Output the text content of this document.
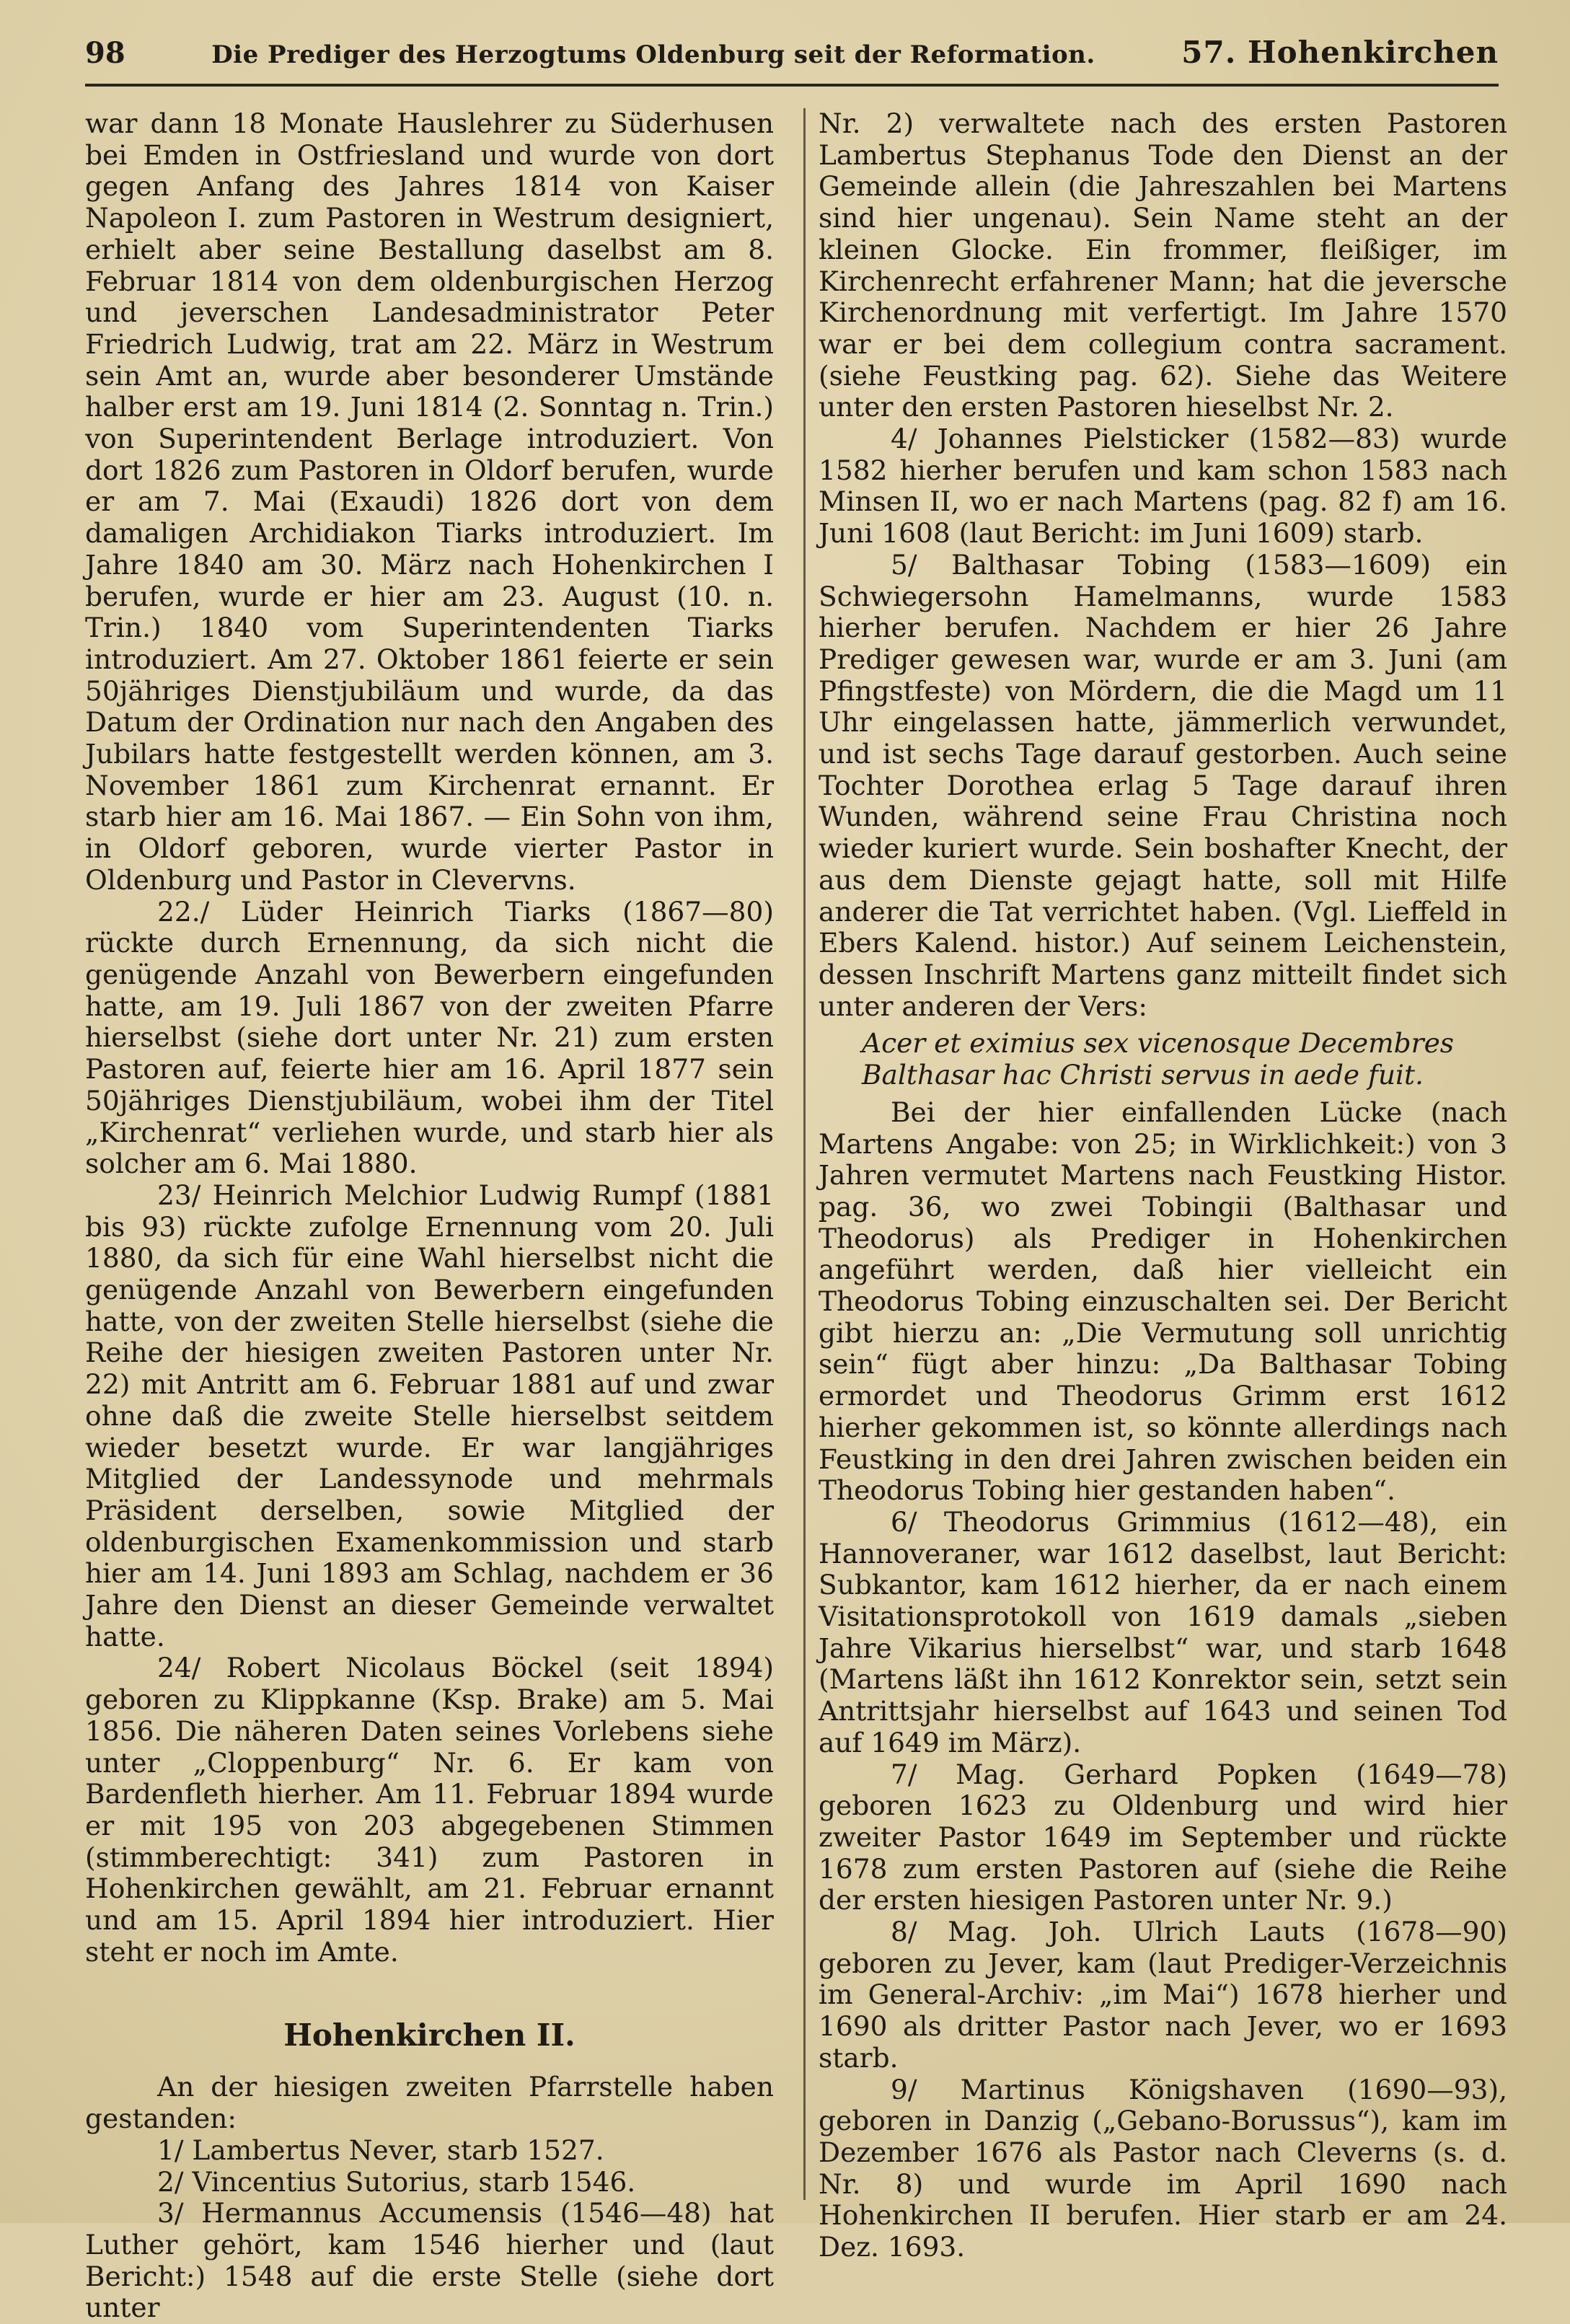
98	Die Prediger des Herzogtums Oldenburg seit der Reformation.	57. Hohenkirchen

war dann 18 Monate Hauslehrer zu Süderhusen bei Emden in Ostfriesland und wurde von dort gegen Anfang des Jahres 1814 von Kaiser Napoleon I. zum Pastoren in Westrum designiert, erhielt aber seine Bestallung daselbst am 8. Februar 1814 von dem oldenburgischen Herzog und jeverschen Landesadministrator Peter Friedrich Ludwig, trat am 22. März in Westrum sein Amt an, wurde aber besonderer Umstände halber erst am 19. Juni 1814 (2. Sonntag n. Trin.) von Superintendent Berlage introduziert. Von dort 1826 zum Pastoren in Oldorf berufen, wurde er am 7. Mai (Exaudi) 1826 dort von dem damaligen Archidiakon Tiarks introduziert. Im Jahre 1840 am 30. März nach Hohenkirchen I berufen, wurde er hier am 23. August (10. n. Trin.) 1840 vom Superintendenten Tiarks introduziert. Am 27. Oktober 1861 feierte er sein 50jähriges Dienstjubiläum und wurde, da das Datum der Ordination nur nach den Angaben des Jubilars hatte festgestellt werden können, am 3. November 1861 zum Kirchenrat ernannt. Er starb hier am 16. Mai 1867. — Ein Sohn von ihm, in Oldorf geboren, wurde vierter Pastor in Oldenburg und Pastor in Clevervns.

22./ Lüder Heinrich Tiarks (1867—80) rückte durch Ernennung, da sich nicht die genügende Anzahl von Bewerbern eingefunden hatte, am 19. Juli 1867 von der zweiten Pfarre hierselbst (siehe dort unter Nr. 21) zum ersten Pastoren auf, feierte hier am 16. April 1877 sein 50jähriges Dienstjubiläum, wobei ihm der Titel „Kirchenrat“ verliehen wurde, und starb hier als solcher am 6. Mai 1880.

23/ Heinrich Melchior Ludwig Rumpf (1881 bis 93) rückte zufolge Ernennung vom 20. Juli 1880, da sich für eine Wahl hierselbst nicht die genügende Anzahl von Bewerbern eingefunden hatte, von der zweiten Stelle hierselbst (siehe die Reihe der hiesigen zweiten Pastoren unter Nr. 22) mit Antritt am 6. Februar 1881 auf und zwar ohne daß die zweite Stelle hierselbst seitdem wieder besetzt wurde. Er war langjähriges Mitglied der Landessynode und mehrmals Präsident derselben, sowie Mitglied der oldenburgischen Examenkommission und starb hier am 14. Juni 1893 am Schlag, nachdem er 36 Jahre den Dienst an dieser Gemeinde verwaltet hatte.

24/ Robert Nicolaus Böckel (seit 1894) geboren zu Klippkanne (Ksp. Brake) am 5. Mai 1856. Die näheren Daten seines Vorlebens siehe unter „Cloppenburg“ Nr. 6. Er kam von Bardenfleth hierher. Am 11. Februar 1894 wurde er mit 195 von 203 abgegebenen Stimmen (stimmberechtigt: 341) zum Pastoren in Hohenkirchen gewählt, am 21. Februar ernannt und am 15. April 1894 hier introduziert. Hier steht er noch im Amte.

Hohenkirchen II.

An der hiesigen zweiten Pfarrstelle haben gestanden:

1/ Lambertus Never, starb 1527.

2/ Vincentius Sutorius, starb 1546.

3/ Hermannus Accumensis (1546—48) hat Luther gehört, kam 1546 hierher und (laut Bericht:) 1548 auf die erste Stelle (siehe dort unter

Nr. 2) verwaltete nach des ersten Pastoren Lambertus Stephanus Tode den Dienst an der Gemeinde allein (die Jahreszahlen bei Martens sind hier ungenau). Sein Name steht an der kleinen Glocke. Ein frommer, fleißiger, im Kirchenrecht erfahrener Mann; hat die jeversche Kirchenordnung mit verfertigt. Im Jahre 1570 war er bei dem collegium contra sacrament. (siehe Feustking pag. 62). Siehe das Weitere unter den ersten Pastoren hieselbst Nr. 2.

4/ Johannes Pielsticker (1582—83) wurde 1582 hierher berufen und kam schon 1583 nach Minsen II, wo er nach Martens (pag. 82 f) am 16. Juni 1608 (laut Bericht: im Juni 1609) starb.

5/ Balthasar Tobing (1583—1609) ein Schwiegersohn Hamelmanns, wurde 1583 hierher berufen. Nachdem er hier 26 Jahre Prediger gewesen war, wurde er am 3. Juni (am Pfingstfeste) von Mördern, die die Magd um 11 Uhr eingelassen hatte, jämmerlich verwundet, und ist sechs Tage darauf gestorben. Auch seine Tochter Dorothea erlag 5 Tage darauf ihren Wunden, während seine Frau Christina noch wieder kuriert wurde. Sein boshafter Knecht, der aus dem Dienste gejagt hatte, soll mit Hilfe anderer die Tat verrichtet haben. (Vgl. Lieffeld in Ebers Kalend. histor.) Auf seinem Leichenstein, dessen Inschrift Martens ganz mitteilt findet sich unter anderen der Vers:

Acer et eximius sex vicenosque Decembres
Balthasar hac Christi servus in aede fuit.

Bei der hier einfallenden Lücke (nach Martens Angabe: von 25; in Wirklichkeit:) von 3 Jahren vermutet Martens nach Feustking Histor. pag. 36, wo zwei Tobingii (Balthasar und Theodorus) als Prediger in Hohenkirchen angeführt werden, daß hier vielleicht ein Theodorus Tobing einzuschalten sei. Der Bericht gibt hierzu an: „Die Vermutung soll unrichtig sein“ fügt aber hinzu: „Da Balthasar Tobing ermordet und Theodorus Grimm erst 1612 hierher gekommen ist, so könnte allerdings nach Feustking in den drei Jahren zwischen beiden ein Theodorus Tobing hier gestanden haben“.

6/ Theodorus Grimmius (1612—48), ein Hannoveraner, war 1612 daselbst, laut Bericht: Subkantor, kam 1612 hierher, da er nach einem Visitationsprotokoll von 1619 damals „sieben Jahre Vikarius hierselbst“ war, und starb 1648 (Martens läßt ihn 1612 Konrektor sein, setzt sein Antrittsjahr hierselbst auf 1643 und seinen Tod auf 1649 im März).

7/ Mag. Gerhard Popken (1649—78) geboren 1623 zu Oldenburg und wird hier zweiter Pastor 1649 im September und rückte 1678 zum ersten Pastoren auf (siehe die Reihe der ersten hiesigen Pastoren unter Nr. 9.)

8/ Mag. Joh. Ulrich Lauts (1678—90) geboren zu Jever, kam (laut Prediger-Verzeichnis im General-Archiv: „im Mai“) 1678 hierher und 1690 als dritter Pastor nach Jever, wo er 1693 starb.

9/ Martinus Königshaven (1690—93), geboren in Danzig („Gebano-Borussus“), kam im Dezember 1676 als Pastor nach Cleverns (s. d. Nr. 8) und wurde im April 1690 nach Hohenkirchen II berufen. Hier starb er am 24. Dez. 1693.
